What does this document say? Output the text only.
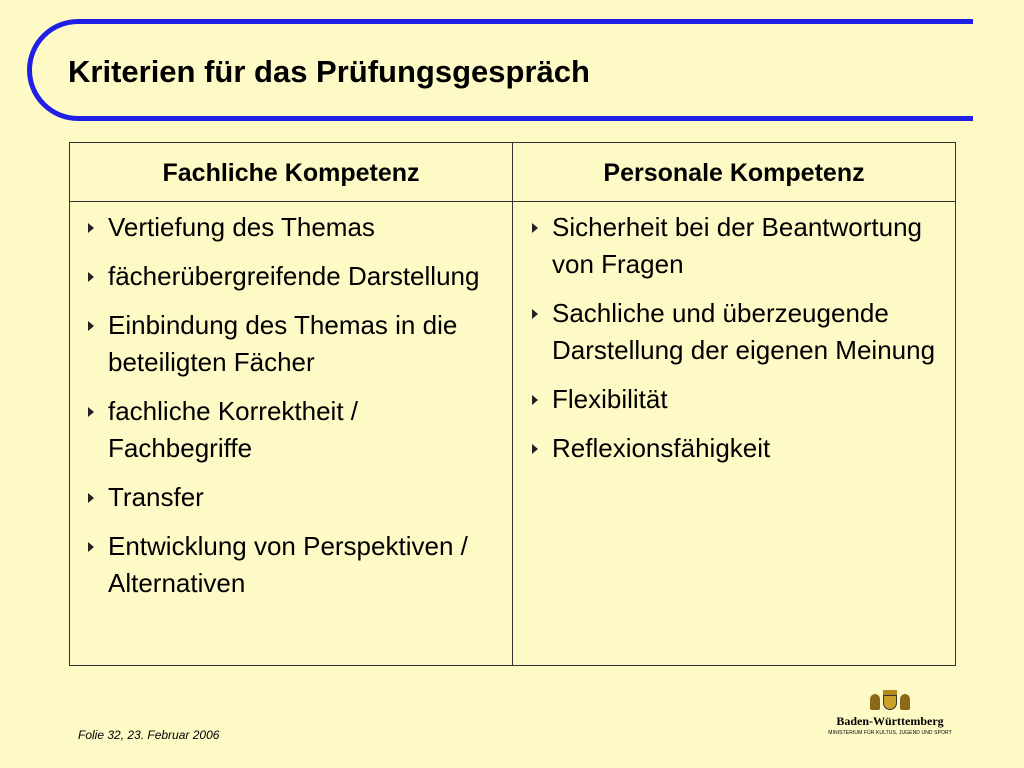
Kriterien für das Prüfungsgespräch
Fachliche Kompetenz	Personale Kompetenz
Vertiefung des Themas
fächerübergreifende Darstellung
Einbindung des Themas in die beteiligten Fächer
fachliche Korrektheit / Fachbegriffe
Transfer
Entwicklung von Perspektiven / Alternativen
Sicherheit bei der Beantwortung von Fragen
Sachliche und überzeugende Darstellung der eigenen Meinung
Flexibilität
Reflexionsfähigkeit
Folie 32, 23. Februar 2006
Baden-Württemberg
MINISTERIUM FÜR KULTUS, JUGEND UND SPORT
